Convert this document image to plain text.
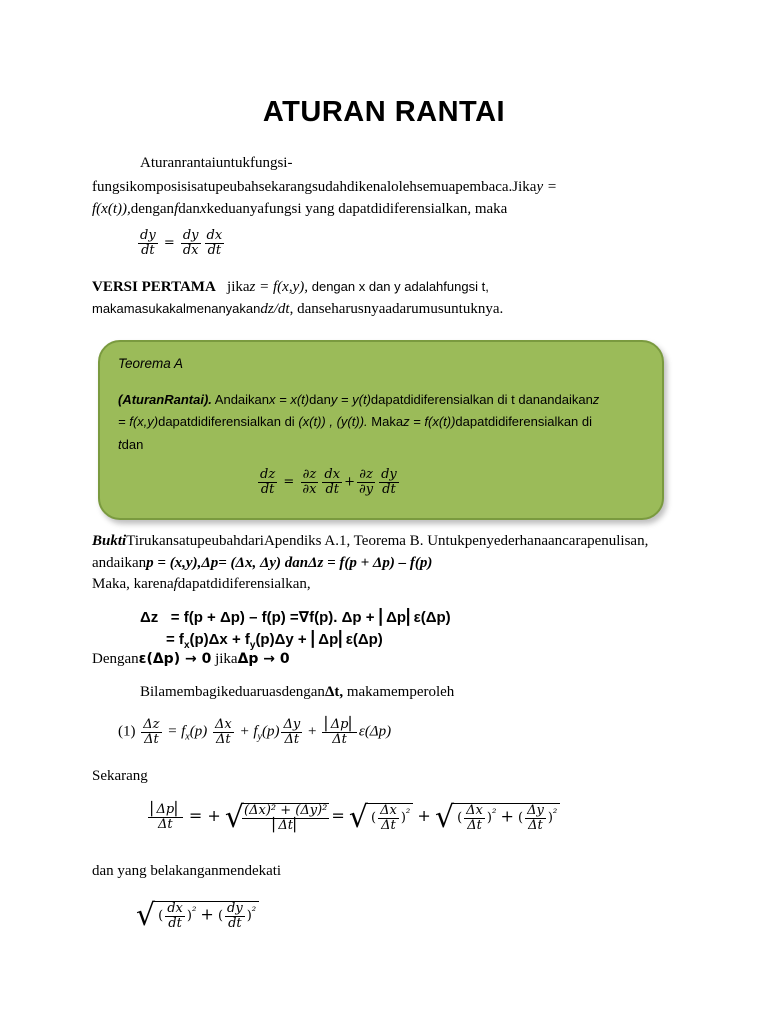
ATURAN RANTAI
Aturanrantaiuntukfungsi-
fungsikomposisisatupeubahsekarangsudahdikenalolehsemuapembaca.Jikay =
f(x(t)),denganfdanxkeduanyafungsi yang dapatdidiferensialkan, maka
$\frac{dy}{dt} = \frac{dy}{dx} \frac{dx}{dt}$
VERSI PERTAMA jikaz = f(x,y), dengan x dan y adalahfungsi t,
makamasukakalmenanyakandz/dt, danseharusnyaadarumusuntuknya.
Teorema A
(AturanRantai). Andaikanx = x(t)dany = y(t)dapatdidiferensialkan di t danandaikanz
= f(x,y)dapatdidiferensialkan di (x(t)) , (y(t)). Makaz = f(x(t))dapatdidiferensialkan di
tdan
$\frac{dz}{dt} = \frac{\partial z}{\partial x} \frac{dx}{dt} + \frac{\partial z}{\partial y} \frac{dy}{dt}$
BuktiTirukansatupeubahdariApendiks A.1, Teorema B. Untukpenyederhanaancarapenulisan,
andaikanp = (x,y),Δp= (Δx, Δy) danΔz = f(p + Δp) – f(p)
Maka, karenafdapatdidiferensialkan,
Δz = f(p + Δp) – f(p) =∇f(p). Δp + ⎜Δp⎜ε(Δp)
= $f_x(p)\Delta x + f_y(p)\Delta y$ + ⎜Δp⎜ε(Δp)
Denganε(Δp) → 0 jikaΔp → 0
BilamembagikeduaruasdenganΔt, makamemperoleh
$(1) \frac{\Delta z}{\Delta t} = f_x(p) \frac{\Delta x}{\Delta t} + f_y(p) \frac{\Delta y}{\Delta t} + \frac{⎜\Delta p⎜}{\Delta t} \varepsilon(\Delta p)$
Sekarang
$\frac{⎜\Delta p⎜}{\Delta t}$ = + √
$\frac{\text{(Δx)² + (Δy)²}}{⎜\Delta t⎜}$ = √ ( $\frac{\Delta x}{\Delta t} )^{^2}$ + √ ( $\frac{\Delta x}{\Delta t} )^{^2}$ + ( $\frac{\Delta y}{\Delta t} )^{^2}$
dan yang belakanganmendekati
√ ( $\frac{dx}{dt} )^{^2}$ + ( $\frac{dy}{dt} )^{^2}$
